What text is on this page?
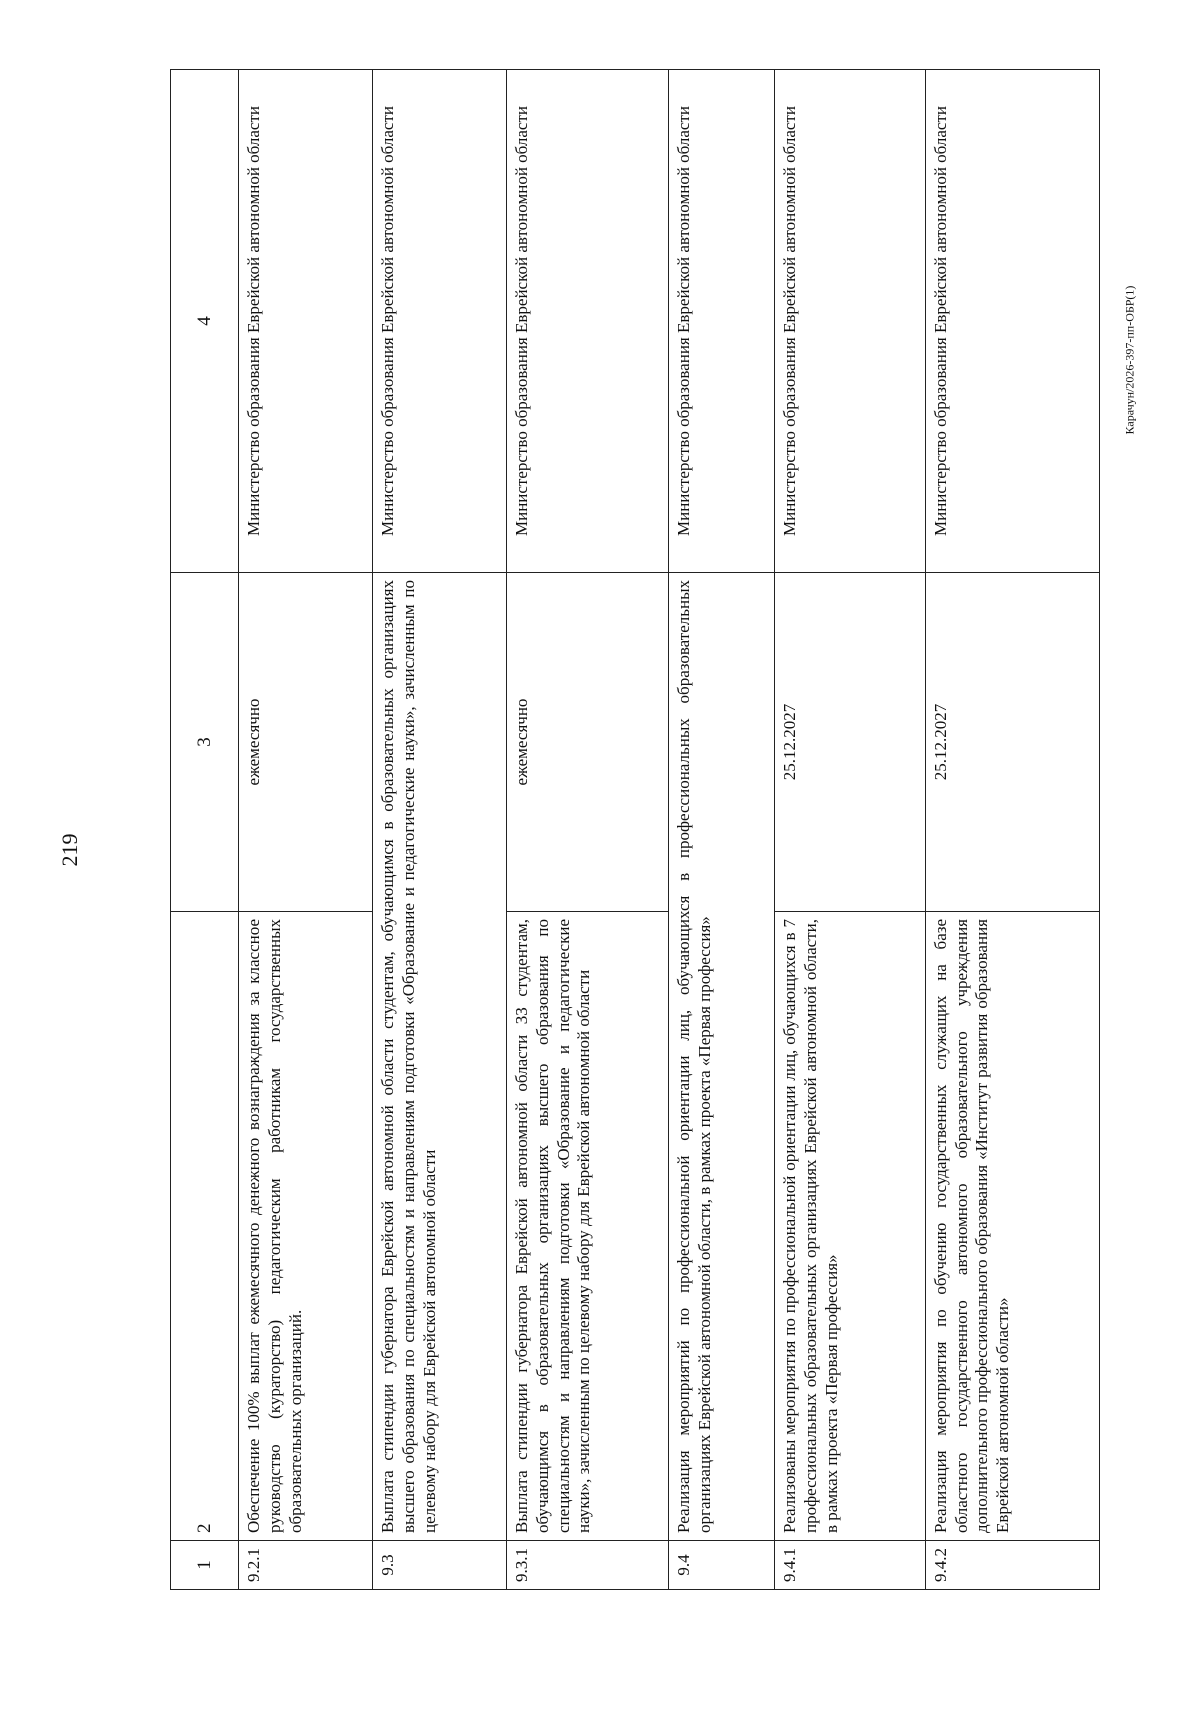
219
Карачун/2026-397-пп-ОБР(1)
1	2	3	4
9.2.1	Обеспечение 100% выплат ежемесячного денежного вознаграждения за классное руководство (кураторство) педагогическим работникам государственных образовательных организаций.	ежемесячно	Министерство образования Еврейской автономной области
9.3	Выплата стипендии губернатора Еврейской автономной области студентам, обучающимся в образовательных организациях высшего образования по специальностям и направлениям подготовки «Образование и педагогические науки», зачисленным по целевому набору для Еврейской автономной области		Министерство образования Еврейской автономной области
9.3.1	Выплата стипендии губернатора Еврейской автономной области 33 студентам, обучающимся в образовательных организациях высшего образования по специальностям и направлениям подготовки «Образование и педагогические науки», зачисленным по целевому набору для Еврейской автономной области	ежемесячно	Министерство образования Еврейской автономной области
9.4	Реализация мероприятий по профессиональной ориентации лиц, обучающихся в профессиональных образовательных организациях Еврейской автономной области, в рамках проекта «Первая профессия»		Министерство образования Еврейской автономной области
9.4.1	Реализованы мероприятия по профессиональной ориентации лиц, обучающихся в 7 профессиональных образовательных организациях Еврейской автономной области, в рамках проекта «Первая профессия»	25.12.2027	Министерство образования Еврейской автономной области
9.4.2	Реализация мероприятия по обучению государственных служащих на базе областного государственного автономного образовательного учреждения дополнительного профессионального образования «Институт развития образования Еврейской автономной области»	25.12.2027	Министерство образования Еврейской автономной области
